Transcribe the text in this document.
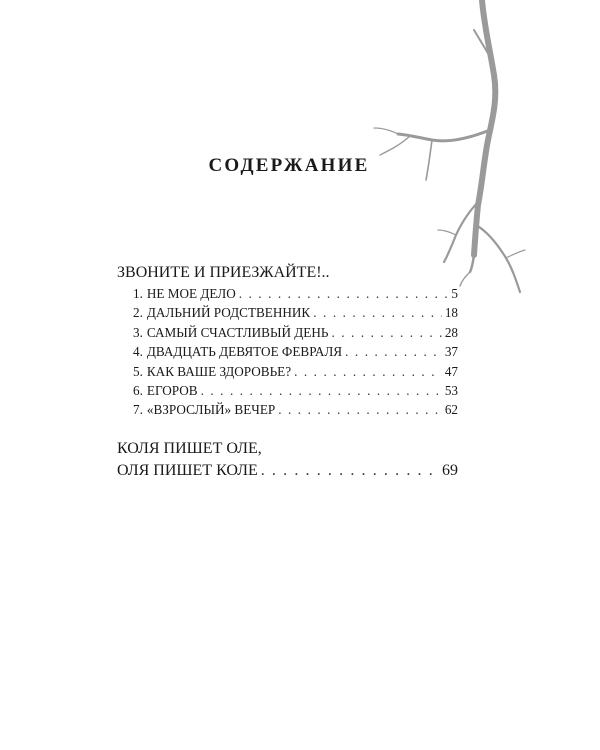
СОДЕРЖАНИЕ
ЗВОНИТЕ И ПРИЕЗЖАЙТЕ!..
1. НЕ МОЕ ДЕЛО . . .	5
2. ДАЛЬНИЙ РОДСТВЕННИК . . .	18
3. САМЫЙ СЧАСТЛИВЫЙ ДЕНЬ . . .	28
4. ДВАДЦАТЬ ДЕВЯТОЕ ФЕВРАЛЯ . . .	37
5. КАК ВАШЕ ЗДОРОВЬЕ? . . .	47
6. ЕГОРОВ . . .	53
7. «ВЗРОСЛЫЙ» ВЕЧЕР . . .	62
КОЛЯ ПИШЕТ ОЛЕ,
ОЛЯ ПИШЕТ КОЛЕ . . .	69
